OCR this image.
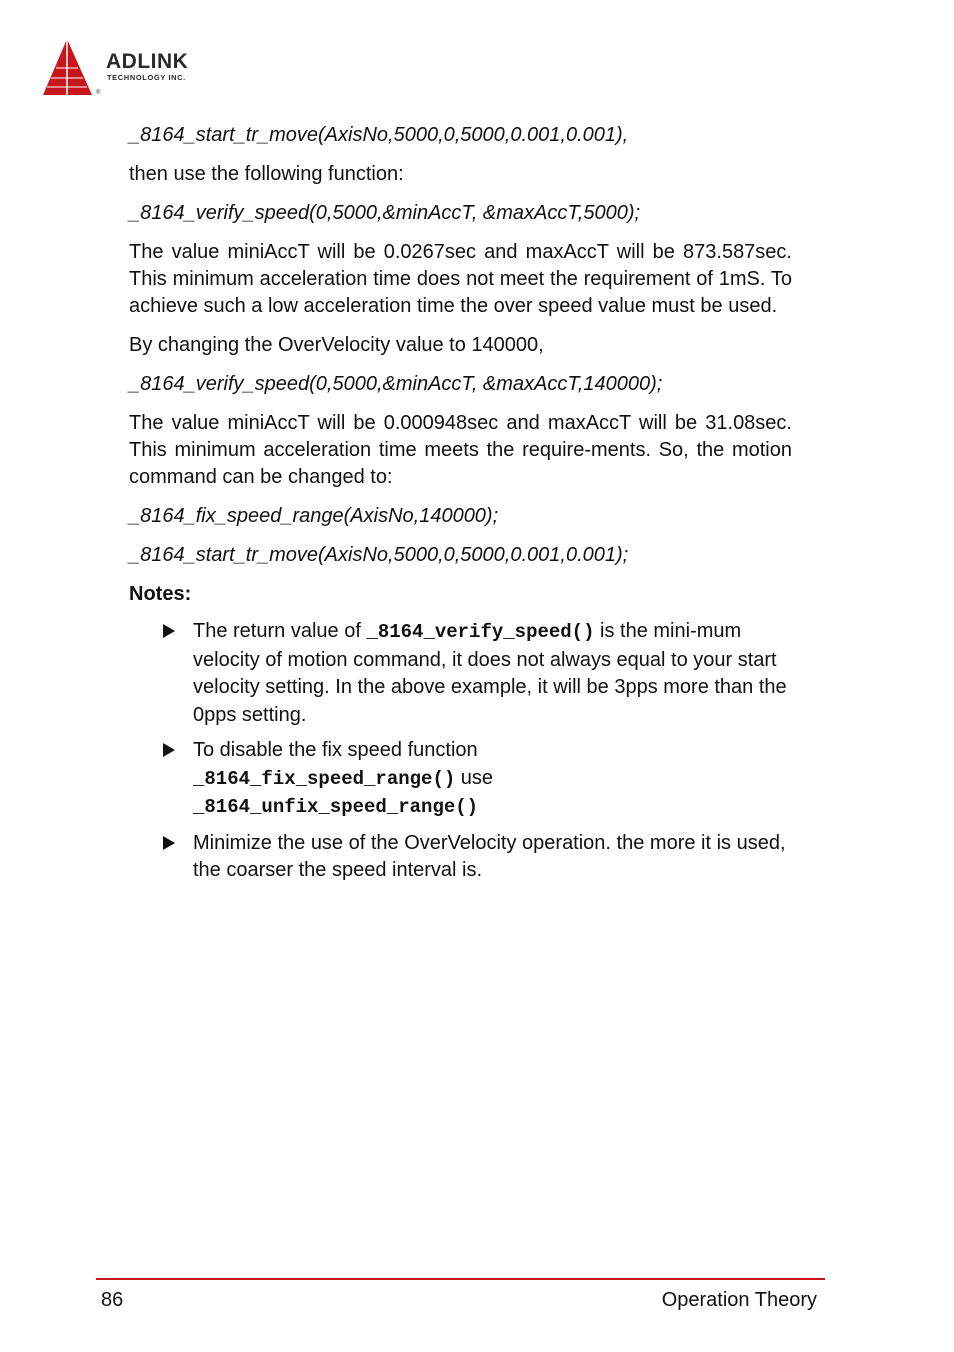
ADLINK
TECHNOLOGY INC.
®

_8164_start_tr_move(AxisNo,5000,0,5000,0.001,0.001),

then use the following function:

_8164_verify_speed(0,5000,&minAccT, &maxAccT,5000);

The value miniAccT will be 0.0267sec and maxAccT will be 873.587sec. This minimum acceleration time does not meet the requirement of 1mS. To achieve such a low acceleration time the over speed value must be used.

By changing the OverVelocity value to 140000,

_8164_verify_speed(0,5000,&minAccT, &maxAccT,140000);

The value miniAccT will be 0.000948sec and maxAccT will be 31.08sec. This minimum acceleration time meets the require-ments. So, the motion command can be changed to:

_8164_fix_speed_range(AxisNo,140000);

_8164_start_tr_move(AxisNo,5000,0,5000,0.001,0.001);

Notes:

The return value of _8164_verify_speed() is the mini-mum velocity of motion command, it does not always equal to your start velocity setting. In the above example, it will be 3pps more than the 0pps setting.
To disable the fix speed function
_8164_fix_speed_range() use
_8164_unfix_speed_range()
Minimize the use of the OverVelocity operation. the more it is used, the coarser the speed interval is.
86	Operation Theory
